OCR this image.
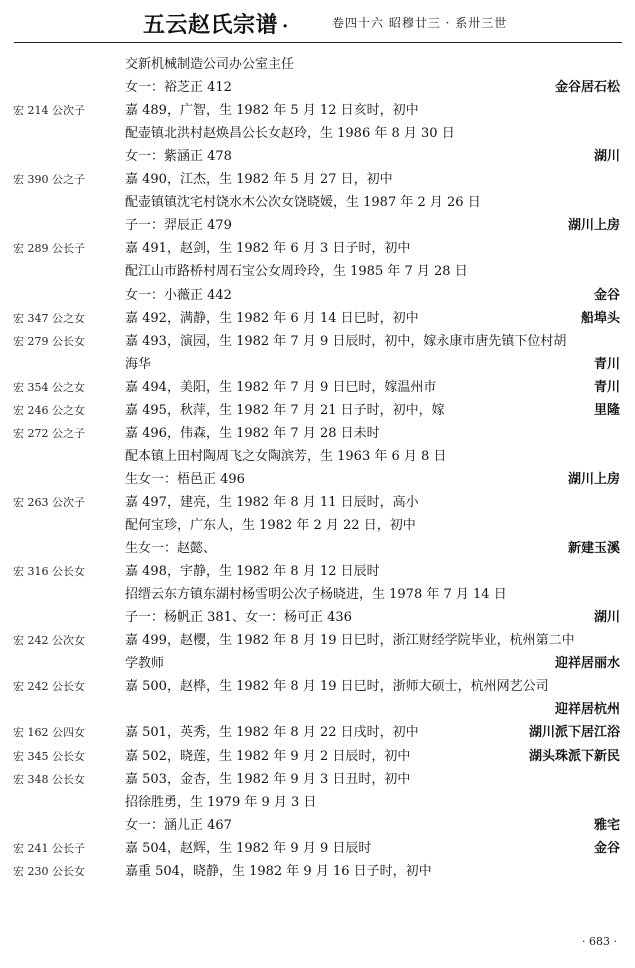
五云赵氏宗谱 ·	卷四十六 昭穆廿三 · 系卅三世
交新机械制造公司办公室主任
女一：裕芝正 412	金谷居石松
宏 214 公次子	嘉 489，广智，生 1982 年 5 月 12 日亥时，初中
配壶镇北洪村赵焕昌公长女赵玲，生 1986 年 8 月 30 日
女一：紫涵正 478	湖川
宏 390 公之子	嘉 490，江杰，生 1982 年 5 月 27 日，初中
配壶镇镇沈宅村饶水木公次女饶晓媛，生 1987 年 2 月 26 日
子一：羿辰正 479	湖川上房
宏 289 公长子	嘉 491，赵剑，生 1982 年 6 月 3 日子时，初中
配江山市路桥村周石宝公女周玲玲，生 1985 年 7 月 28 日
女一：小薇正 442	金谷
宏 347 公之女	嘉 492，满静，生 1982 年 6 月 14 日巳时，初中	船埠头
宏 279 公长女	嘉 493，演园，生 1982 年 7 月 9 日辰时，初中，嫁永康市唐先镇下位村胡
海华	青川
宏 354 公之女	嘉 494，美阳，生 1982 年 7 月 9 日巳时，嫁温州市	青川
宏 246 公之女	嘉 495，秋萍，生 1982 年 7 月 21 日子时，初中，嫁	里隆
宏 272 公之子	嘉 496，伟森，生 1982 年 7 月 28 日未时
配本镇上田村陶周飞之女陶滨芳，生 1963 年 6 月 8 日
生女一：梧邑正 496	湖川上房
宏 263 公次子	嘉 497，建亮，生 1982 年 8 月 11 日辰时，高小
配何宝珍，广东人，生 1982 年 2 月 22 日，初中
生女一：赵懿、	新建玉溪
宏 316 公长女	嘉 498，宇静，生 1982 年 8 月 12 日辰时
招缙云东方镇东湖村杨雪明公次子杨晓进，生 1978 年 7 月 14 日
子一：杨帆正 381、女一：杨可正 436	湖川
宏 242 公次女	嘉 499，赵樱，生 1982 年 8 月 19 日巳时，浙江财经学院毕业，杭州第二中
学教师	迎祥居丽水
宏 242 公长女	嘉 500，赵桦，生 1982 年 8 月 19 日巳时，浙师大硕士，杭州网艺公司
迎祥居杭州
宏 162 公四女	嘉 501，英秀，生 1982 年 8 月 22 日戌时，初中	湖川派下居江浴
宏 345 公长女	嘉 502，晓莲，生 1982 年 9 月 2 日辰时，初中	湖头珠派下新民
宏 348 公长女	嘉 503，金杏，生 1982 年 9 月 3 日丑时，初中
招徐胜勇，生 1979 年 9 月 3 日
女一：涵儿正 467	雅宅
宏 241 公长子	嘉 504，赵辉，生 1982 年 9 月 9 日辰时	金谷
宏 230 公长女	嘉重 504，晓静，生 1982 年 9 月 16 日子时，初中
· 683 ·
